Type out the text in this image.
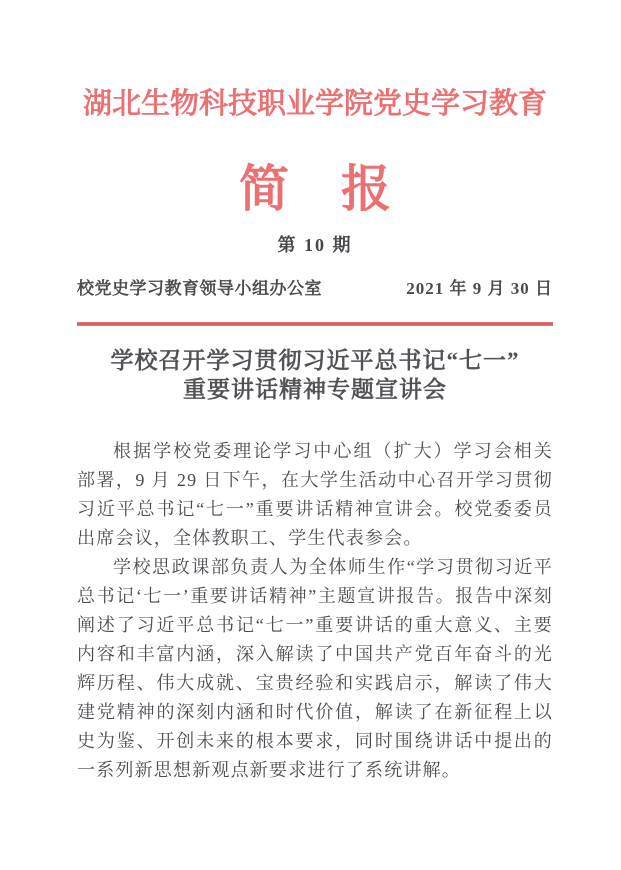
湖北生物科技职业学院党史学习教育
简 报
第 10 期
校党史学习教育领导小组办公室	2021 年 9 月 30 日
学校召开学习贯彻习近平总书记“七一”
重要讲话精神专题宣讲会

根据学校党委理论学习中心组（扩大）学习会相关部署，9 月 29 日下午，在大学生活动中心召开学习贯彻习近平总书记“七一”重要讲话精神宣讲会。校党委委员出席会议，全体教职工、学生代表参会。

学校思政课部负责人为全体师生作“学习贯彻习近平总书记‘七一’重要讲话精神”主题宣讲报告。报告中深刻阐述了习近平总书记“七一”重要讲话的重大意义、主要内容和丰富内涵，深入解读了中国共产党百年奋斗的光辉历程、伟大成就、宝贵经验和实践启示，解读了伟大建党精神的深刻内涵和时代价值，解读了在新征程上以史为鉴、开创未来的根本要求，同时围绕讲话中提出的一系列新思想新观点新要求进行了系统讲解。
